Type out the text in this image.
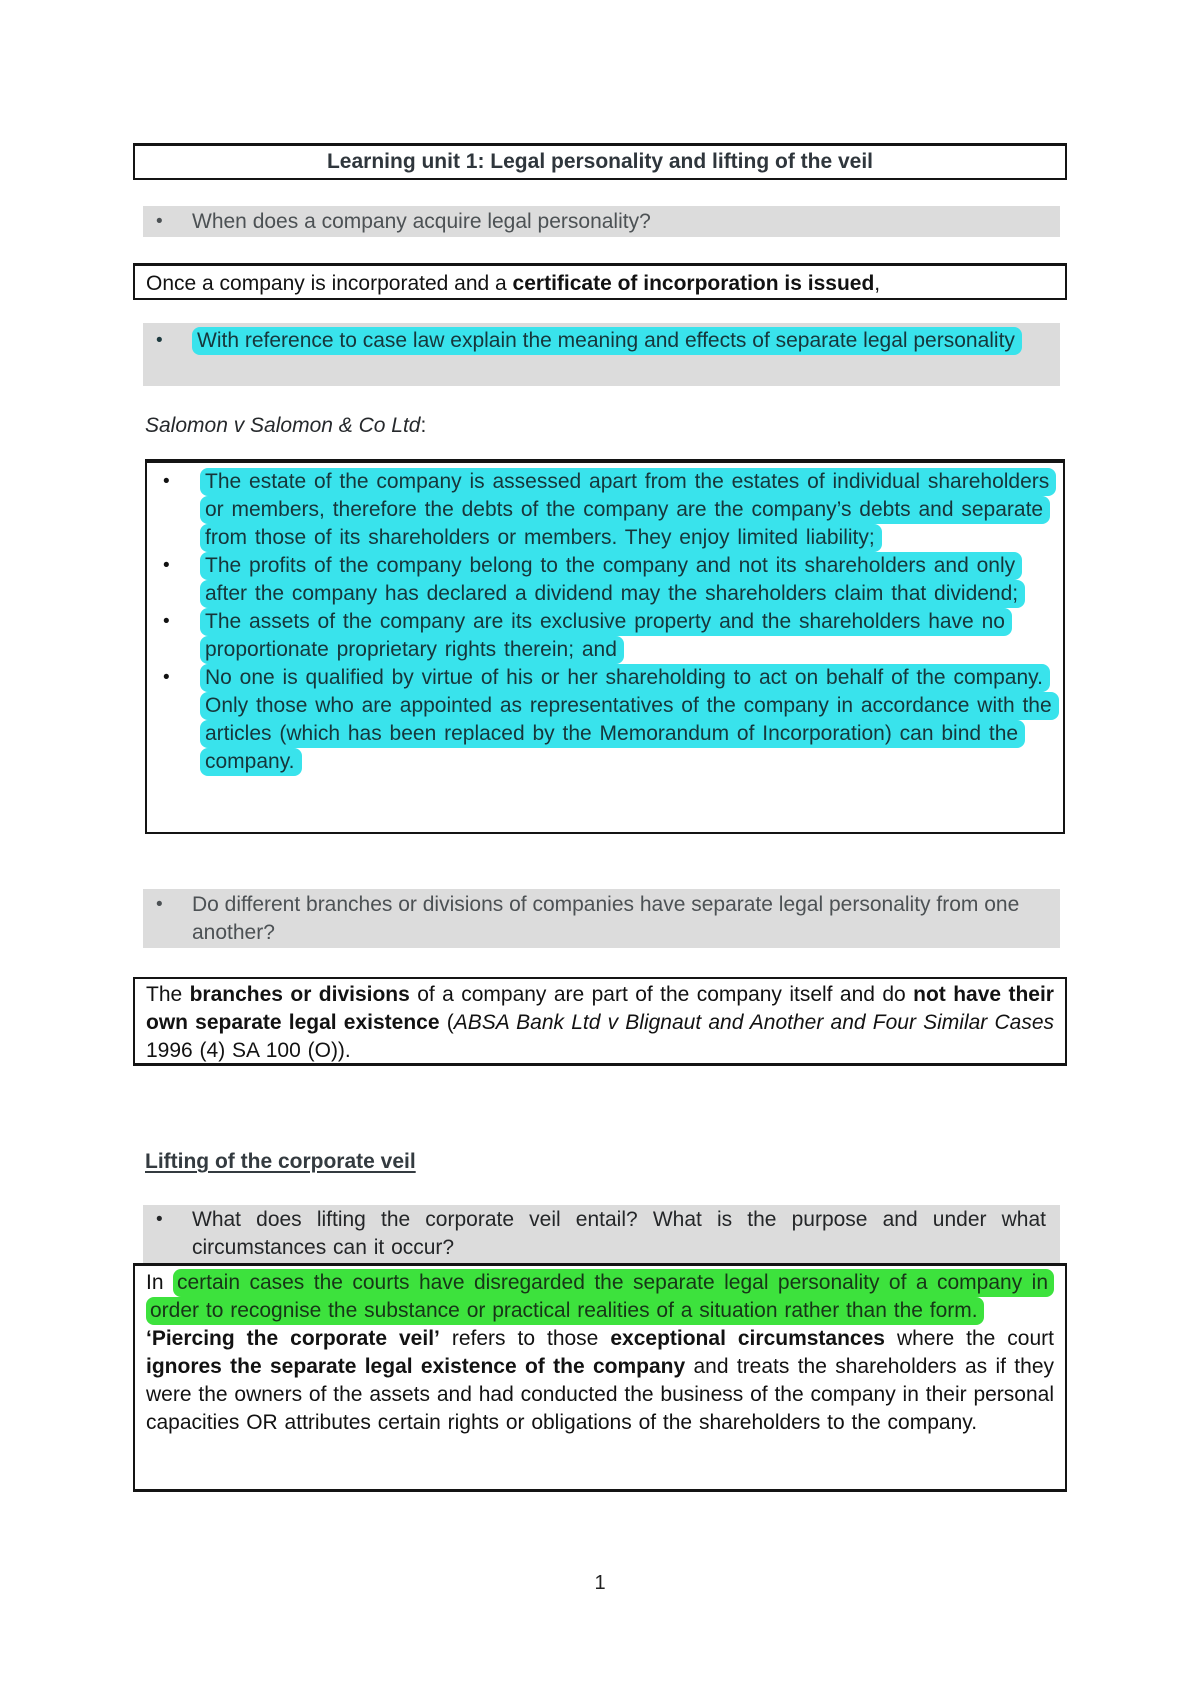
Learning unit 1: Legal personality and lifting of the veil
•	When does a company acquire legal personality?
Once a company is incorporated and a certificate of incorporation is issued,
•	With reference to case law explain the meaning and effects of separate legal personality
Salomon v Salomon & Co Ltd:
•	The estate of the company is assessed apart from the estates of individual shareholders or members, therefore the debts of the company are the company’s debts and separate from those of its shareholders or members. They enjoy limited liability;
•	The profits of the company belong to the company and not its shareholders and only after the company has declared a dividend may the shareholders claim that dividend;
•	The assets of the company are its exclusive property and the shareholders have no proportionate proprietary rights therein; and
•	No one is qualified by virtue of his or her shareholding to act on behalf of the company. Only those who are appointed as representatives of the company in accordance with the articles (which has been replaced by the Memorandum of Incorporation) can bind the company.
•	Do different branches or divisions of companies have separate legal personality from one another?
The branches or divisions of a company are part of the company itself and do not have their own separate legal existence (ABSA Bank Ltd v Blignaut and Another and Four Similar Cases 1996 (4) SA 100 (O)).
Lifting of the corporate veil
•	What does lifting the corporate veil entail? What is the purpose and under what circumstances can it occur?
In certain cases the courts have disregarded the separate legal personality of a company in order to recognise the substance or practical realities of a situation rather than the form.
‘Piercing the corporate veil’ refers to those exceptional circumstances where the court ignores the separate legal existence of the company and treats the shareholders as if they were the owners of the assets and had conducted the business of the company in their personal capacities OR attributes certain rights or obligations of the shareholders to the company.
1
